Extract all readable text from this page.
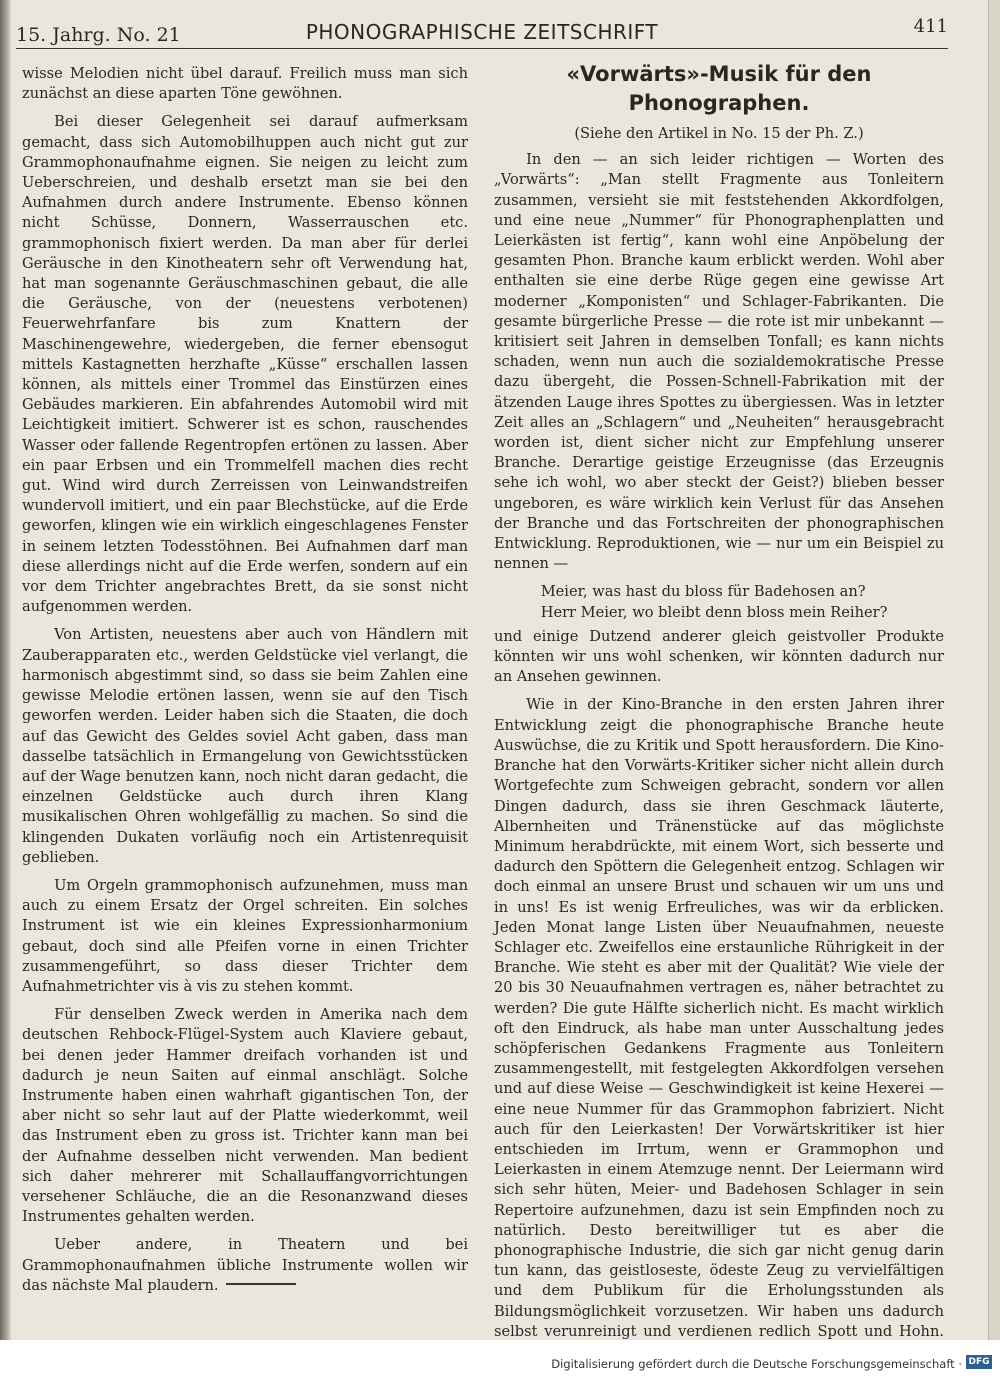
15. Jahrg. No. 21	PHONOGRAPHISCHE ZEITSCHRIFT	411

wisse Melodien nicht übel darauf. Freilich muss man sich zunächst an diese aparten Töne gewöhnen.

Bei dieser Gelegenheit sei darauf aufmerksam gemacht, dass sich Automobilhuppen auch nicht gut zur Grammophonaufnahme eignen. Sie neigen zu leicht zum Ueberschreien, und deshalb ersetzt man sie bei den Aufnahmen durch andere Instrumente. Ebenso können nicht Schüsse, Donnern, Wasserrauschen etc. grammophonisch fixiert werden. Da man aber für derlei Geräusche in den Kinotheatern sehr oft Verwendung hat, hat man sogenannte Geräuschmaschinen gebaut, die alle die Geräusche, von der (neuestens verbotenen) Feuerwehrfanfare bis zum Knattern der Maschinengewehre, wiedergeben, die ferner ebensogut mittels Kastagnetten herzhafte „Küsse“ erschallen lassen können, als mittels einer Trommel das Einstürzen eines Gebäudes markieren. Ein abfahrendes Automobil wird mit Leichtigkeit imitiert. Schwerer ist es schon, rauschendes Wasser oder fallende Regentropfen ertönen zu lassen. Aber ein paar Erbsen und ein Trommelfell machen dies recht gut. Wind wird durch Zerreissen von Leinwandstreifen wundervoll imitiert, und ein paar Blechstücke, auf die Erde geworfen, klingen wie ein wirklich eingeschlagenes Fenster in seinem letzten Todesstöhnen. Bei Aufnahmen darf man diese allerdings nicht auf die Erde werfen, sondern auf ein vor dem Trichter angebrachtes Brett, da sie sonst nicht aufgenommen werden.

Von Artisten, neuestens aber auch von Händlern mit Zauberapparaten etc., werden Geldstücke viel verlangt, die harmonisch abgestimmt sind, so dass sie beim Zahlen eine gewisse Melodie ertönen lassen, wenn sie auf den Tisch geworfen werden. Leider haben sich die Staaten, die doch auf das Gewicht des Geldes soviel Acht gaben, dass man dasselbe tatsächlich in Ermangelung von Gewichtsstücken auf der Wage benutzen kann, noch nicht daran gedacht, die einzelnen Geldstücke auch durch ihren Klang musikalischen Ohren wohlgefällig zu machen. So sind die klingenden Dukaten vorläufig noch ein Artistenrequisit geblieben.

Um Orgeln grammophonisch aufzunehmen, muss man auch zu einem Ersatz der Orgel schreiten. Ein solches Instrument ist wie ein kleines Expressionharmonium gebaut, doch sind alle Pfeifen vorne in einen Trichter zusammengeführt, so dass dieser Trichter dem Aufnahmetrichter vis à vis zu stehen kommt.

Für denselben Zweck werden in Amerika nach dem deutschen Rehbock-Flügel-System auch Klaviere gebaut, bei denen jeder Hammer dreifach vorhanden ist und dadurch je neun Saiten auf einmal anschlägt. Solche Instrumente haben einen wahrhaft gigantischen Ton, der aber nicht so sehr laut auf der Platte wiederkommt, weil das Instrument eben zu gross ist. Trichter kann man bei der Aufnahme desselben nicht verwenden. Man bedient sich daher mehrerer mit Schallauffangvorrichtungen versehener Schläuche, die an die Resonanzwand dieses Instrumentes gehalten werden.

Ueber andere, in Theatern und bei Grammophonaufnahmen übliche Instrumente wollen wir das nächste Mal plaudern.

«Vorwärts»-Musik für den Phonographen.
(Siehe den Artikel in No. 15 der Ph. Z.)

In den — an sich leider richtigen — Worten des „Vorwärts“: „Man stellt Fragmente aus Tonleitern zusammen, versieht sie mit feststehenden Akkordfolgen, und eine neue „Nummer“ für Phonographenplatten und Leierkästen ist fertig“, kann wohl eine Anpöbelung der gesamten Phon. Branche kaum erblickt werden. Wohl aber enthalten sie eine derbe Rüge gegen eine gewisse Art moderner „Komponisten“ und Schlager-Fabrikanten. Die gesamte bürgerliche Presse — die rote ist mir unbekannt — kritisiert seit Jahren in demselben Tonfall; es kann nichts schaden, wenn nun auch die sozialdemokratische Presse dazu übergeht, die Possen-Schnell-Fabrikation mit der ätzenden Lauge ihres Spottes zu übergiessen. Was in letzter Zeit alles an „Schlagern“ und „Neuheiten“ herausgebracht worden ist, dient sicher nicht zur Empfehlung unserer Branche. Derartige geistige Erzeugnisse (das Erzeugnis sehe ich wohl, wo aber steckt der Geist?) blieben besser ungeboren, es wäre wirklich kein Verlust für das Ansehen der Branche und das Fortschreiten der phonographischen Entwicklung. Reproduktionen, wie — nur um ein Beispiel zu nennen —

Meier, was hast du bloss für Badehosen an?

Herr Meier, wo bleibt denn bloss mein Reiher?

und einige Dutzend anderer gleich geistvoller Produkte könnten wir uns wohl schenken, wir könnten dadurch nur an Ansehen gewinnen.

Wie in der Kino-Branche in den ersten Jahren ihrer Entwicklung zeigt die phonographische Branche heute Auswüchse, die zu Kritik und Spott herausfordern. Die Kino-Branche hat den Vorwärts-Kritiker sicher nicht allein durch Wortgefechte zum Schweigen gebracht, sondern vor allen Dingen dadurch, dass sie ihren Geschmack läuterte, Albernheiten und Tränenstücke auf das möglichste Minimum herabdrückte, mit einem Wort, sich besserte und dadurch den Spöttern die Gelegenheit entzog. Schlagen wir doch einmal an unsere Brust und schauen wir um uns und in uns! Es ist wenig Erfreuliches, was wir da erblicken. Jeden Monat lange Listen über Neuaufnahmen, neueste Schlager etc. Zweifellos eine erstaunliche Rührigkeit in der Branche. Wie steht es aber mit der Qualität? Wie viele der 20 bis 30 Neuaufnahmen vertragen es, näher betrachtet zu werden? Die gute Hälfte sicherlich nicht. Es macht wirklich oft den Eindruck, als habe man unter Ausschaltung jedes schöpferischen Gedankens Fragmente aus Tonleitern zusammengestellt, mit festgelegten Akkordfolgen versehen und auf diese Weise — Geschwindigkeit ist keine Hexerei — eine neue Nummer für das Grammophon fabriziert. Nicht auch für den Leierkasten! Der Vorwärtskritiker ist hier entschieden im Irrtum, wenn er Grammophon und Leierkasten in einem Atemzuge nennt. Der Leiermann wird sich sehr hüten, Meier- und Badehosen Schlager in sein Repertoire aufzunehmen, dazu ist sein Empfinden noch zu natürlich. Desto bereitwilliger tut es aber die phonographische Industrie, die sich gar nicht genug darin tun kann, das geistloseste, ödeste Zeug zu vervielfältigen und dem Publikum für die Erholungsstunden als Bildungsmöglichkeit vorzusetzen. Wir haben uns dadurch selbst verunreinigt und verdienen redlich Spott und Hohn.

Digitalisierung gefördert durch die Deutsche Forschungsgemeinschaft · DFG
